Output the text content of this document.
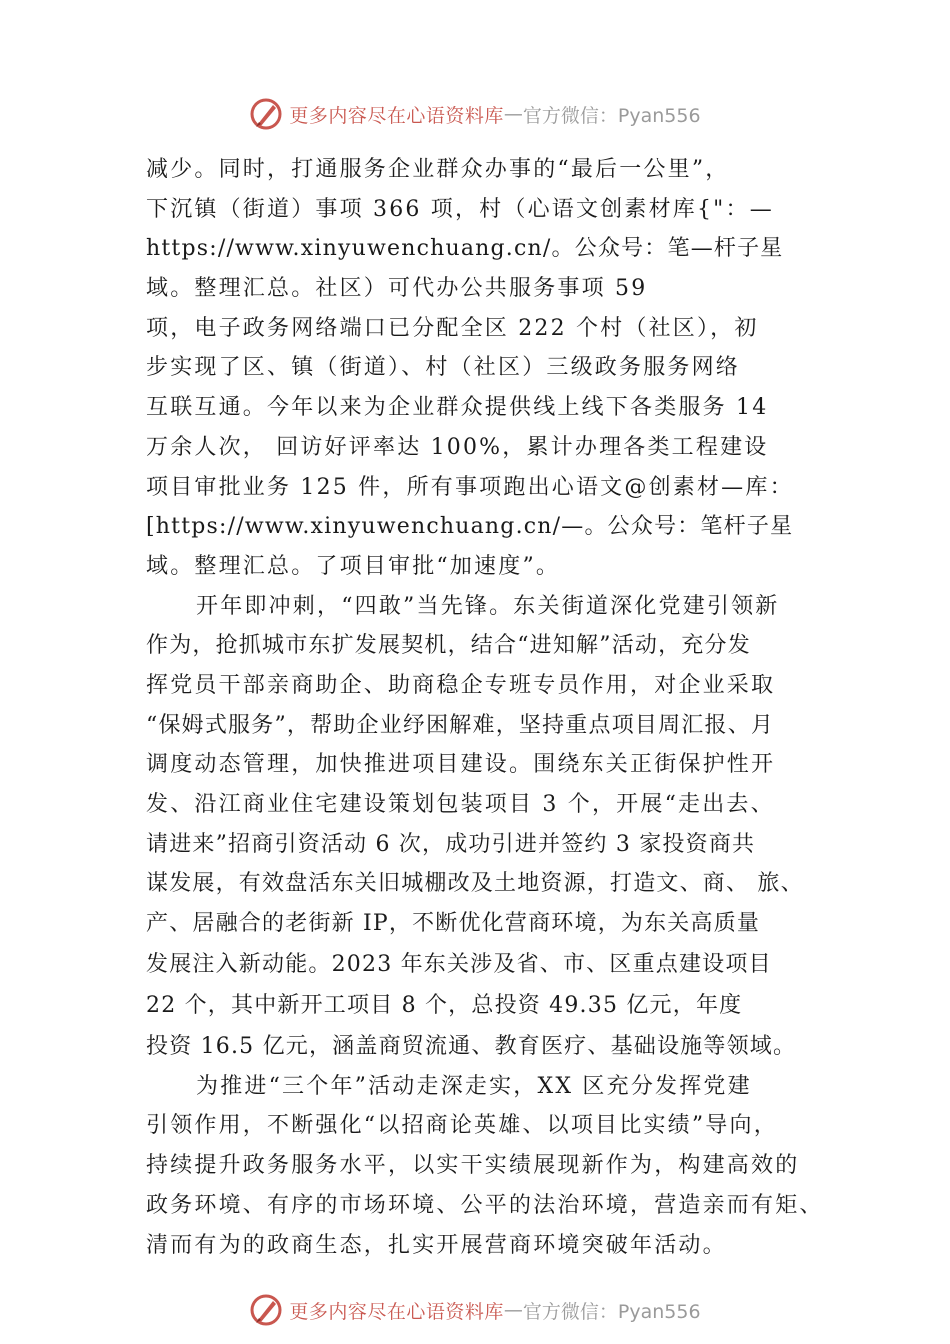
更多内容尽在心语资料库 — 官方微信：Pyan556
减少。同时，打通服务企业群众办事的“最后一公里”，
下沉镇（街道）事项 366 项，村（心语文创素材库{"：—
https://www.xinyuwenchuang.cn/。公众号：笔—杆子星
域。整理汇总。社区）可代办公共服务事项 59
项，电子政务网络端口已分配全区 222 个村（社区），初
步实现了区、镇（街道）、村（社区）三级政务服务网络
互联互通。今年以来为企业群众提供线上线下各类服务 14
万余人次， 回访好评率达 100%，累计办理各类工程建设
项目审批业务 125 件，所有事项跑出心语文@创素材—库：
[https://www.xinyuwenchuang.cn/—。公众号：笔杆子星
域。整理汇总。了项目审批“加速度”。
开年即冲刺，“四敢”当先锋。东关街道深化党建引领新
作为，抢抓城市东扩发展契机，结合“进知解”活动，充分发
挥党员干部亲商助企、助商稳企专班专员作用，对企业采取
“保姆式服务”，帮助企业纾困解难，坚持重点项目周汇报、月
调度动态管理，加快推进项目建设。围绕东关正街保护性开
发、沿江商业住宅建设策划包装项目 3 个，开展“走出去、
请进来”招商引资活动 6 次，成功引进并签约 3 家投资商共
谋发展，有效盘活东关旧城棚改及土地资源，打造文、商、 旅、
产、居融合的老街新 IP，不断优化营商环境，为东关高质量
发展注入新动能。2023 年东关涉及省、市、区重点建设项目
22 个，其中新开工项目 8 个，总投资 49.35 亿元，年度
投资 16.5 亿元，涵盖商贸流通、教育医疗、基础设施等领域。
为推进“三个年”活动走深走实，XX 区充分发挥党建
引领作用，不断强化“以招商论英雄、以项目比实绩”导向，
持续提升政务服务水平，以实干实绩展现新作为，构建高效的
政务环境、有序的市场环境、公平的法治环境，营造亲而有矩、
清而有为的政商生态，扎实开展营商环境突破年活动。
更多内容尽在心语资料库 — 官方微信：Pyan556
